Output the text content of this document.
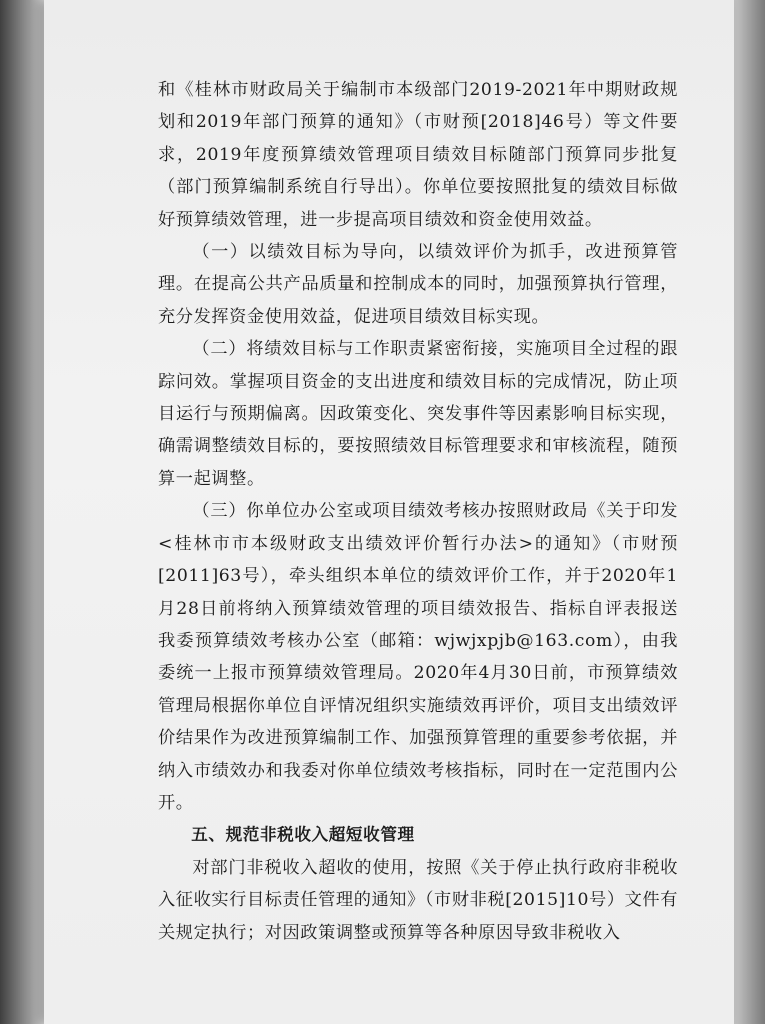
和《桂林市财政局关于编制市本级部门2019-2021年中期财政规划和2019年部门预算的通知》（市财预[2018]46号）等文件要求，2019年度预算绩效管理项目绩效目标随部门预算同步批复（部门预算编制系统自行导出）。你单位要按照批复的绩效目标做好预算绩效管理，进一步提高项目绩效和资金使用效益。

（一）以绩效目标为导向，以绩效评价为抓手，改进预算管理。在提高公共产品质量和控制成本的同时，加强预算执行管理，充分发挥资金使用效益，促进项目绩效目标实现。

（二）将绩效目标与工作职责紧密衔接，实施项目全过程的跟踪问效。掌握项目资金的支出进度和绩效目标的完成情况，防止项目运行与预期偏离。因政策变化、突发事件等因素影响目标实现，确需调整绩效目标的，要按照绩效目标管理要求和审核流程，随预算一起调整。

（三）你单位办公室或项目绩效考核办按照财政局《关于印发<桂林市市本级财政支出绩效评价暂行办法>的通知》（市财预[2011]63号），牵头组织本单位的绩效评价工作，并于2020年1月28日前将纳入预算绩效管理的项目绩效报告、指标自评表报送我委预算绩效考核办公室（邮箱：wjwjxpjb@163.com），由我委统一上报市预算绩效管理局。2020年4月30日前，市预算绩效管理局根据你单位自评情况组织实施绩效再评价，项目支出绩效评价结果作为改进预算编制工作、加强预算管理的重要参考依据，并纳入市绩效办和我委对你单位绩效考核指标，同时在一定范围内公开。

五、规范非税收入超短收管理

对部门非税收入超收的使用，按照《关于停止执行政府非税收入征收实行目标责任管理的通知》（市财非税[2015]10号）文件有关规定执行；对因政策调整或预算等各种原因导致非税收入
